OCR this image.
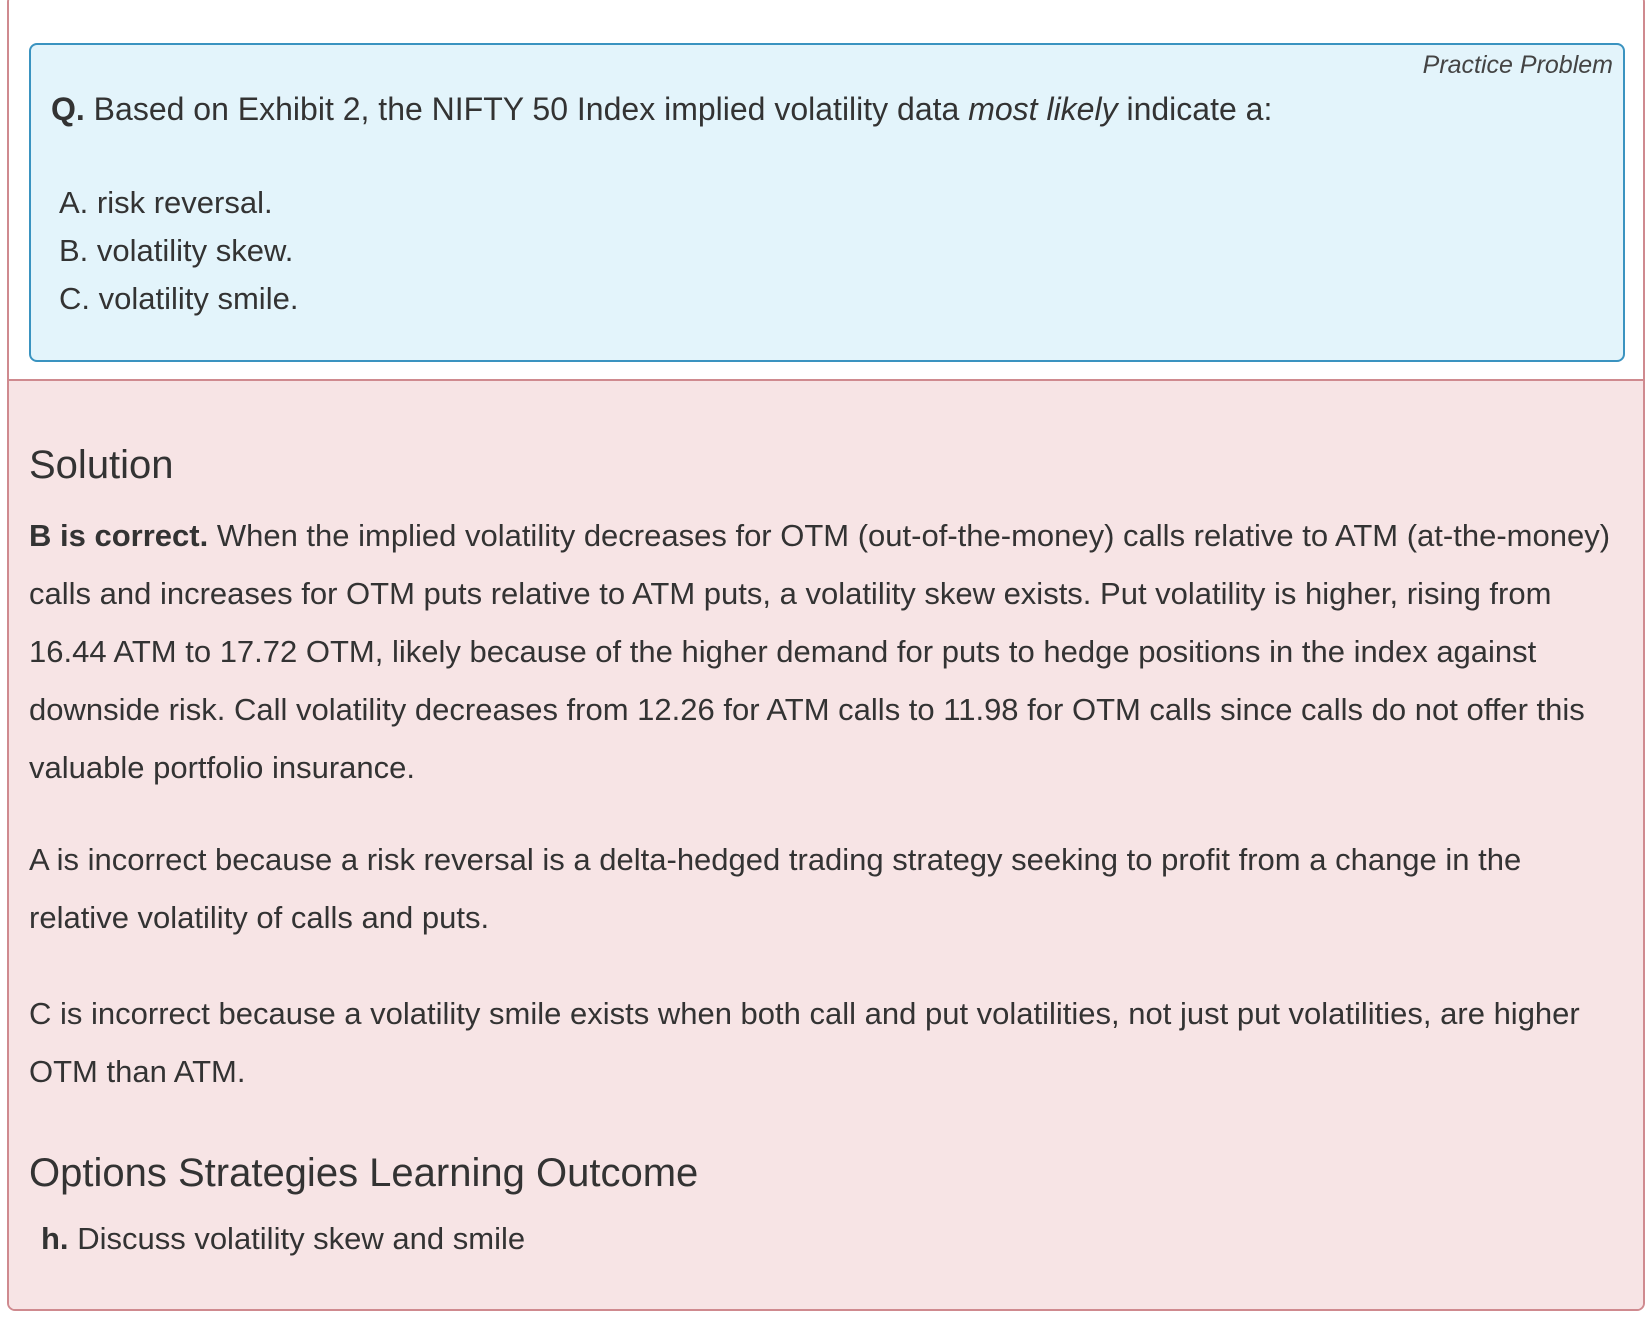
Practice Problem
Q. Based on Exhibit 2, the NIFTY 50 Index implied volatility data most likely indicate a:
A. risk reversal.
B. volatility skew.
C. volatility smile.
Solution

B is correct. When the implied volatility decreases for OTM (out-of-the-money) calls relative to ATM (at-the-money) calls and increases for OTM puts relative to ATM puts, a volatility skew exists. Put volatility is higher, rising from 16.44 ATM to 17.72 OTM, likely because of the higher demand for puts to hedge positions in the index against downside risk. Call volatility decreases from 12.26 for ATM calls to 11.98 for OTM calls since calls do not offer this valuable portfolio insurance.

A is incorrect because a risk reversal is a delta-hedged trading strategy seeking to profit from a change in the relative volatility of calls and puts.

C is incorrect because a volatility smile exists when both call and put volatilities, not just put volatilities, are higher OTM than ATM.

Options Strategies Learning Outcome
h. Discuss volatility skew and smile
